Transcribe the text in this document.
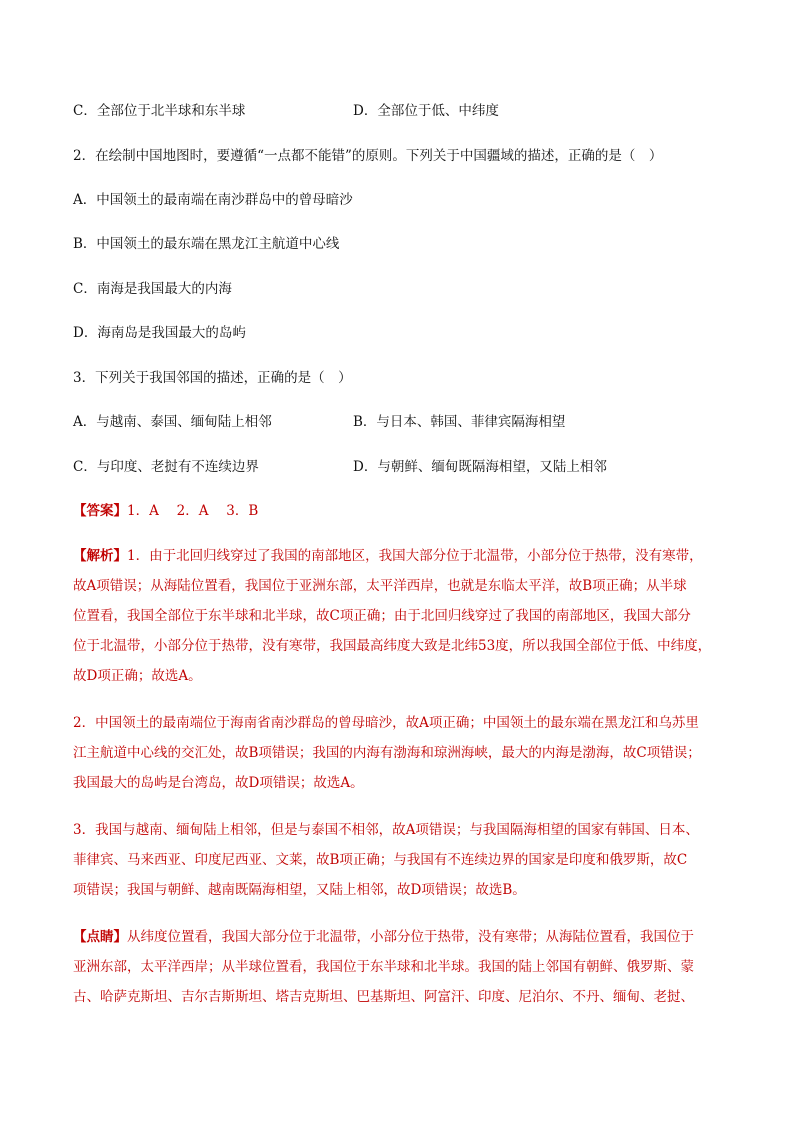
C．全部位于北半球和东半球	D．全部位于低、中纬度
2．在绘制中国地图时，要遵循“一点都不能错”的原则。下列关于中国疆域的描述，正确的是（　）
A．中国领土的最南端在南沙群岛中的曾母暗沙
B．中国领土的最东端在黑龙江主航道中心线
C．南海是我国最大的内海
D．海南岛是我国最大的岛屿
3．下列关于我国邻国的描述，正确的是（　）
A．与越南、泰国、缅甸陆上相邻	B．与日本、韩国、菲律宾隔海相望
C．与印度、老挝有不连续边界	D．与朝鲜、缅甸既隔海相望，又陆上相邻
【答案】1．A　 2．A　 3．B
【解析】1．由于北回归线穿过了我国的南部地区，我国大部分位于北温带，小部分位于热带，没有寒带，
故A项错误；从海陆位置看，我国位于亚洲东部，太平洋西岸，也就是东临太平洋，故B项正确；从半球
位置看，我国全部位于东半球和北半球，故C项正确；由于北回归线穿过了我国的南部地区，我国大部分
位于北温带，小部分位于热带，没有寒带，我国最高纬度大致是北纬53度，所以我国全部位于低、中纬度，
故D项正确；故选A。
2．中国领土的最南端位于海南省南沙群岛的曾母暗沙，故A项正确；中国领土的最东端在黑龙江和乌苏里
江主航道中心线的交汇处，故B项错误；我国的内海有渤海和琼洲海峡，最大的内海是渤海，故C项错误；
我国最大的岛屿是台湾岛，故D项错误；故选A。
3．我国与越南、缅甸陆上相邻，但是与泰国不相邻，故A项错误；与我国隔海相望的国家有韩国、日本、
菲律宾、马来西亚、印度尼西亚、文莱，故B项正确；与我国有不连续边界的国家是印度和俄罗斯，故C
项错误；我国与朝鲜、越南既隔海相望，又陆上相邻，故D项错误；故选B。
【点睛】从纬度位置看，我国大部分位于北温带，小部分位于热带，没有寒带；从海陆位置看，我国位于
亚洲东部，太平洋西岸；从半球位置看，我国位于东半球和北半球。我国的陆上邻国有朝鲜、俄罗斯、蒙
古、哈萨克斯坦、吉尔吉斯斯坦、塔吉克斯坦、巴基斯坦、阿富汗、印度、尼泊尔、不丹、缅甸、老挝、
